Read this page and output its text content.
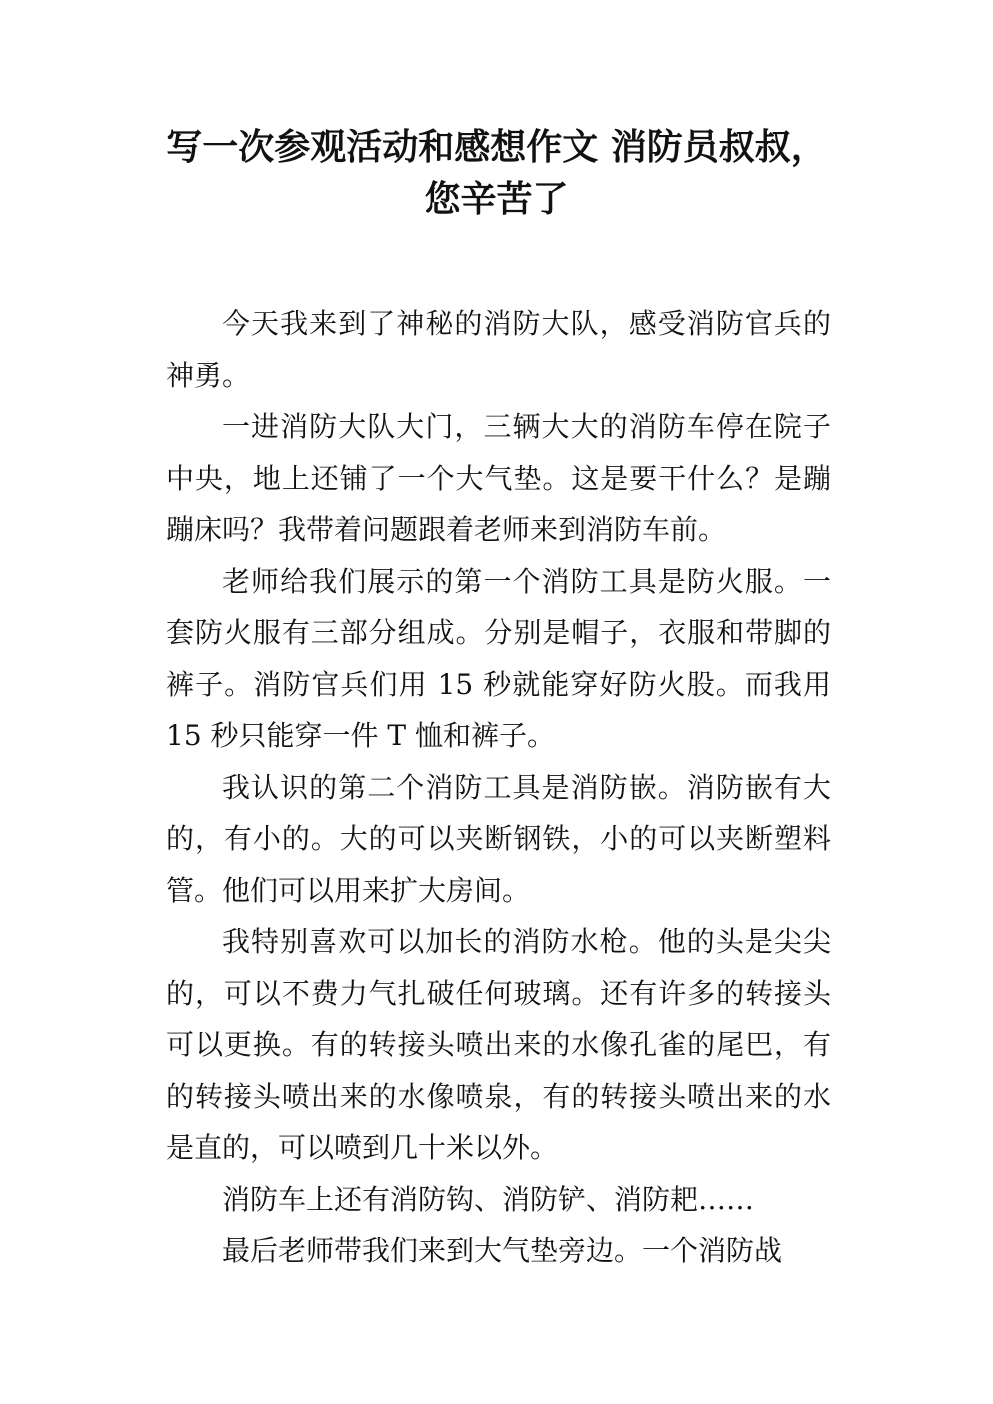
写一次参观活动和感想作文 消防员叔叔，您辛苦了

今天我来到了神秘的消防大队，感受消防官兵的神勇。

一进消防大队大门，三辆大大的消防车停在院子中央，地上还铺了一个大气垫。这是要干什么？是蹦蹦床吗？我带着问题跟着老师来到消防车前。

老师给我们展示的第一个消防工具是防火服。一套防火服有三部分组成。分别是帽子，衣服和带脚的裤子。消防官兵们用 15 秒就能穿好防火股。而我用 15 秒只能穿一件 T 恤和裤子。

我认识的第二个消防工具是消防嵌。消防嵌有大的，有小的。大的可以夹断钢铁，小的可以夹断塑料管。他们可以用来扩大房间。

我特别喜欢可以加长的消防水枪。他的头是尖尖的，可以不费力气扎破任何玻璃。还有许多的转接头可以更换。有的转接头喷出来的水像孔雀的尾巴，有的转接头喷出来的水像喷泉，有的转接头喷出来的水是直的，可以喷到几十米以外。

消防车上还有消防钩、消防铲、消防耙……

最后老师带我们来到大气垫旁边。一个消防战
